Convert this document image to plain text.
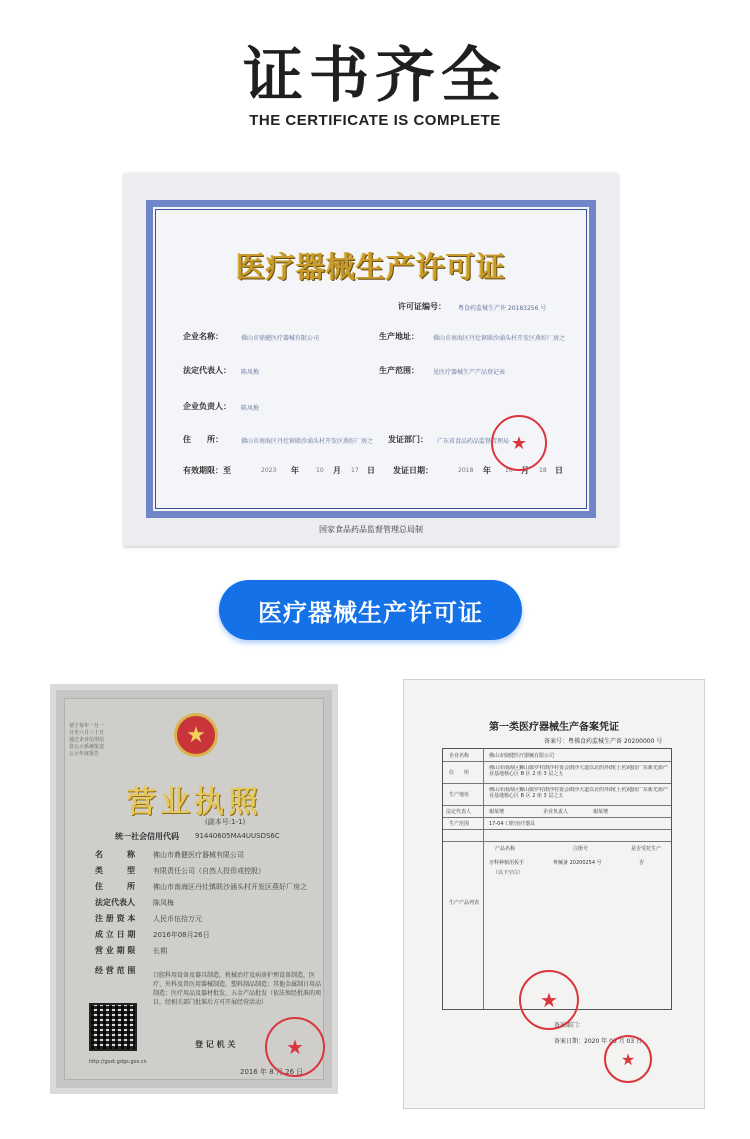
证书齐全
THE CERTIFICATE IS COMPLETE
医疗器械生产许可证
许可证编号： 粤食药监械生产许 20183256 号
企业名称：	佛山市鼎健医疗器械有限公司	生产地址： 佛山市南海区丹灶镇联沙涌头村开发区燕好厂房之
法定代表人： 陈凤梅	生产范围： 见医疗器械生产产品登记表
企业负责人： 陈凤梅
住　　所：	佛山市南海区丹灶镇联沙涌头村开发区燕好厂房之	发证部门： 广东省食品药品监督管理局
有效期限：至	2023 年	10 月 17 日 发证日期：	2018 年 10 月 18 日
★
国家食品药品监督管理总局制
医疗器械生产许可证
请于每年一月一日至六月三十日通过企业信用信息公示系统报送公示年度报告
★
营业执照
(副本号:1-1)
统一社会信用代码 91440605MA4UUSDS6C
名　　　称	佛山市鼎健医疗器械有限公司
类　　　型	有限责任公司（自然人投资或控股）
住　　　所	佛山市南海区丹灶镇联沙涌头村开发区燕好厂房之
法定代表人	陈凤梅
注 册 资 本	人民币伍拾万元
成 立 日 期	2016年08月26日
营 业 期 限	长期
经 营 范 围
口腔科用设备及器具制造，机械治疗及病房护理设备制造，医疗、外科及兽医用器械制造，塑料制品制造；其他金属制日用品制造；医疗用品及器材批发，五金产品批发（依法须经批准的项目，经相关部门批准后方可开展经营活动）
登 记 机 关
2016 年 8 月 26 日
http://gsxt.gdgs.gov.cn
★
第一类医疗器械生产备案凭证
备案号：粤佛食药监械生产备 20200000 号
企业名称	佛山市鼎健医疗器械有限公司
住　　所
佛山市南海区狮山镇罗村朗沙村委会朗沙大道以北的外朗(土名)地段广东新光源产业基地核心区 B 区 2 座 3 层之五
生产地址
佛山市南海区狮山镇罗村朗沙村委会朗沙大道以北的外朗(土名)地段广东新光源产业基地核心区 B 区 2 座 3 层之五
法定代表人	谢某增	企业负责人	谢某增
生产范围	17-04 口腔治疗器具
生产产品列表
产品名称	注册号	是否受托生产
牙科种植用扳手	粤械备 20200254 号	否
（以下空白）
备案部门：
备案日期：2020 年 06 月 03 日
★
★
